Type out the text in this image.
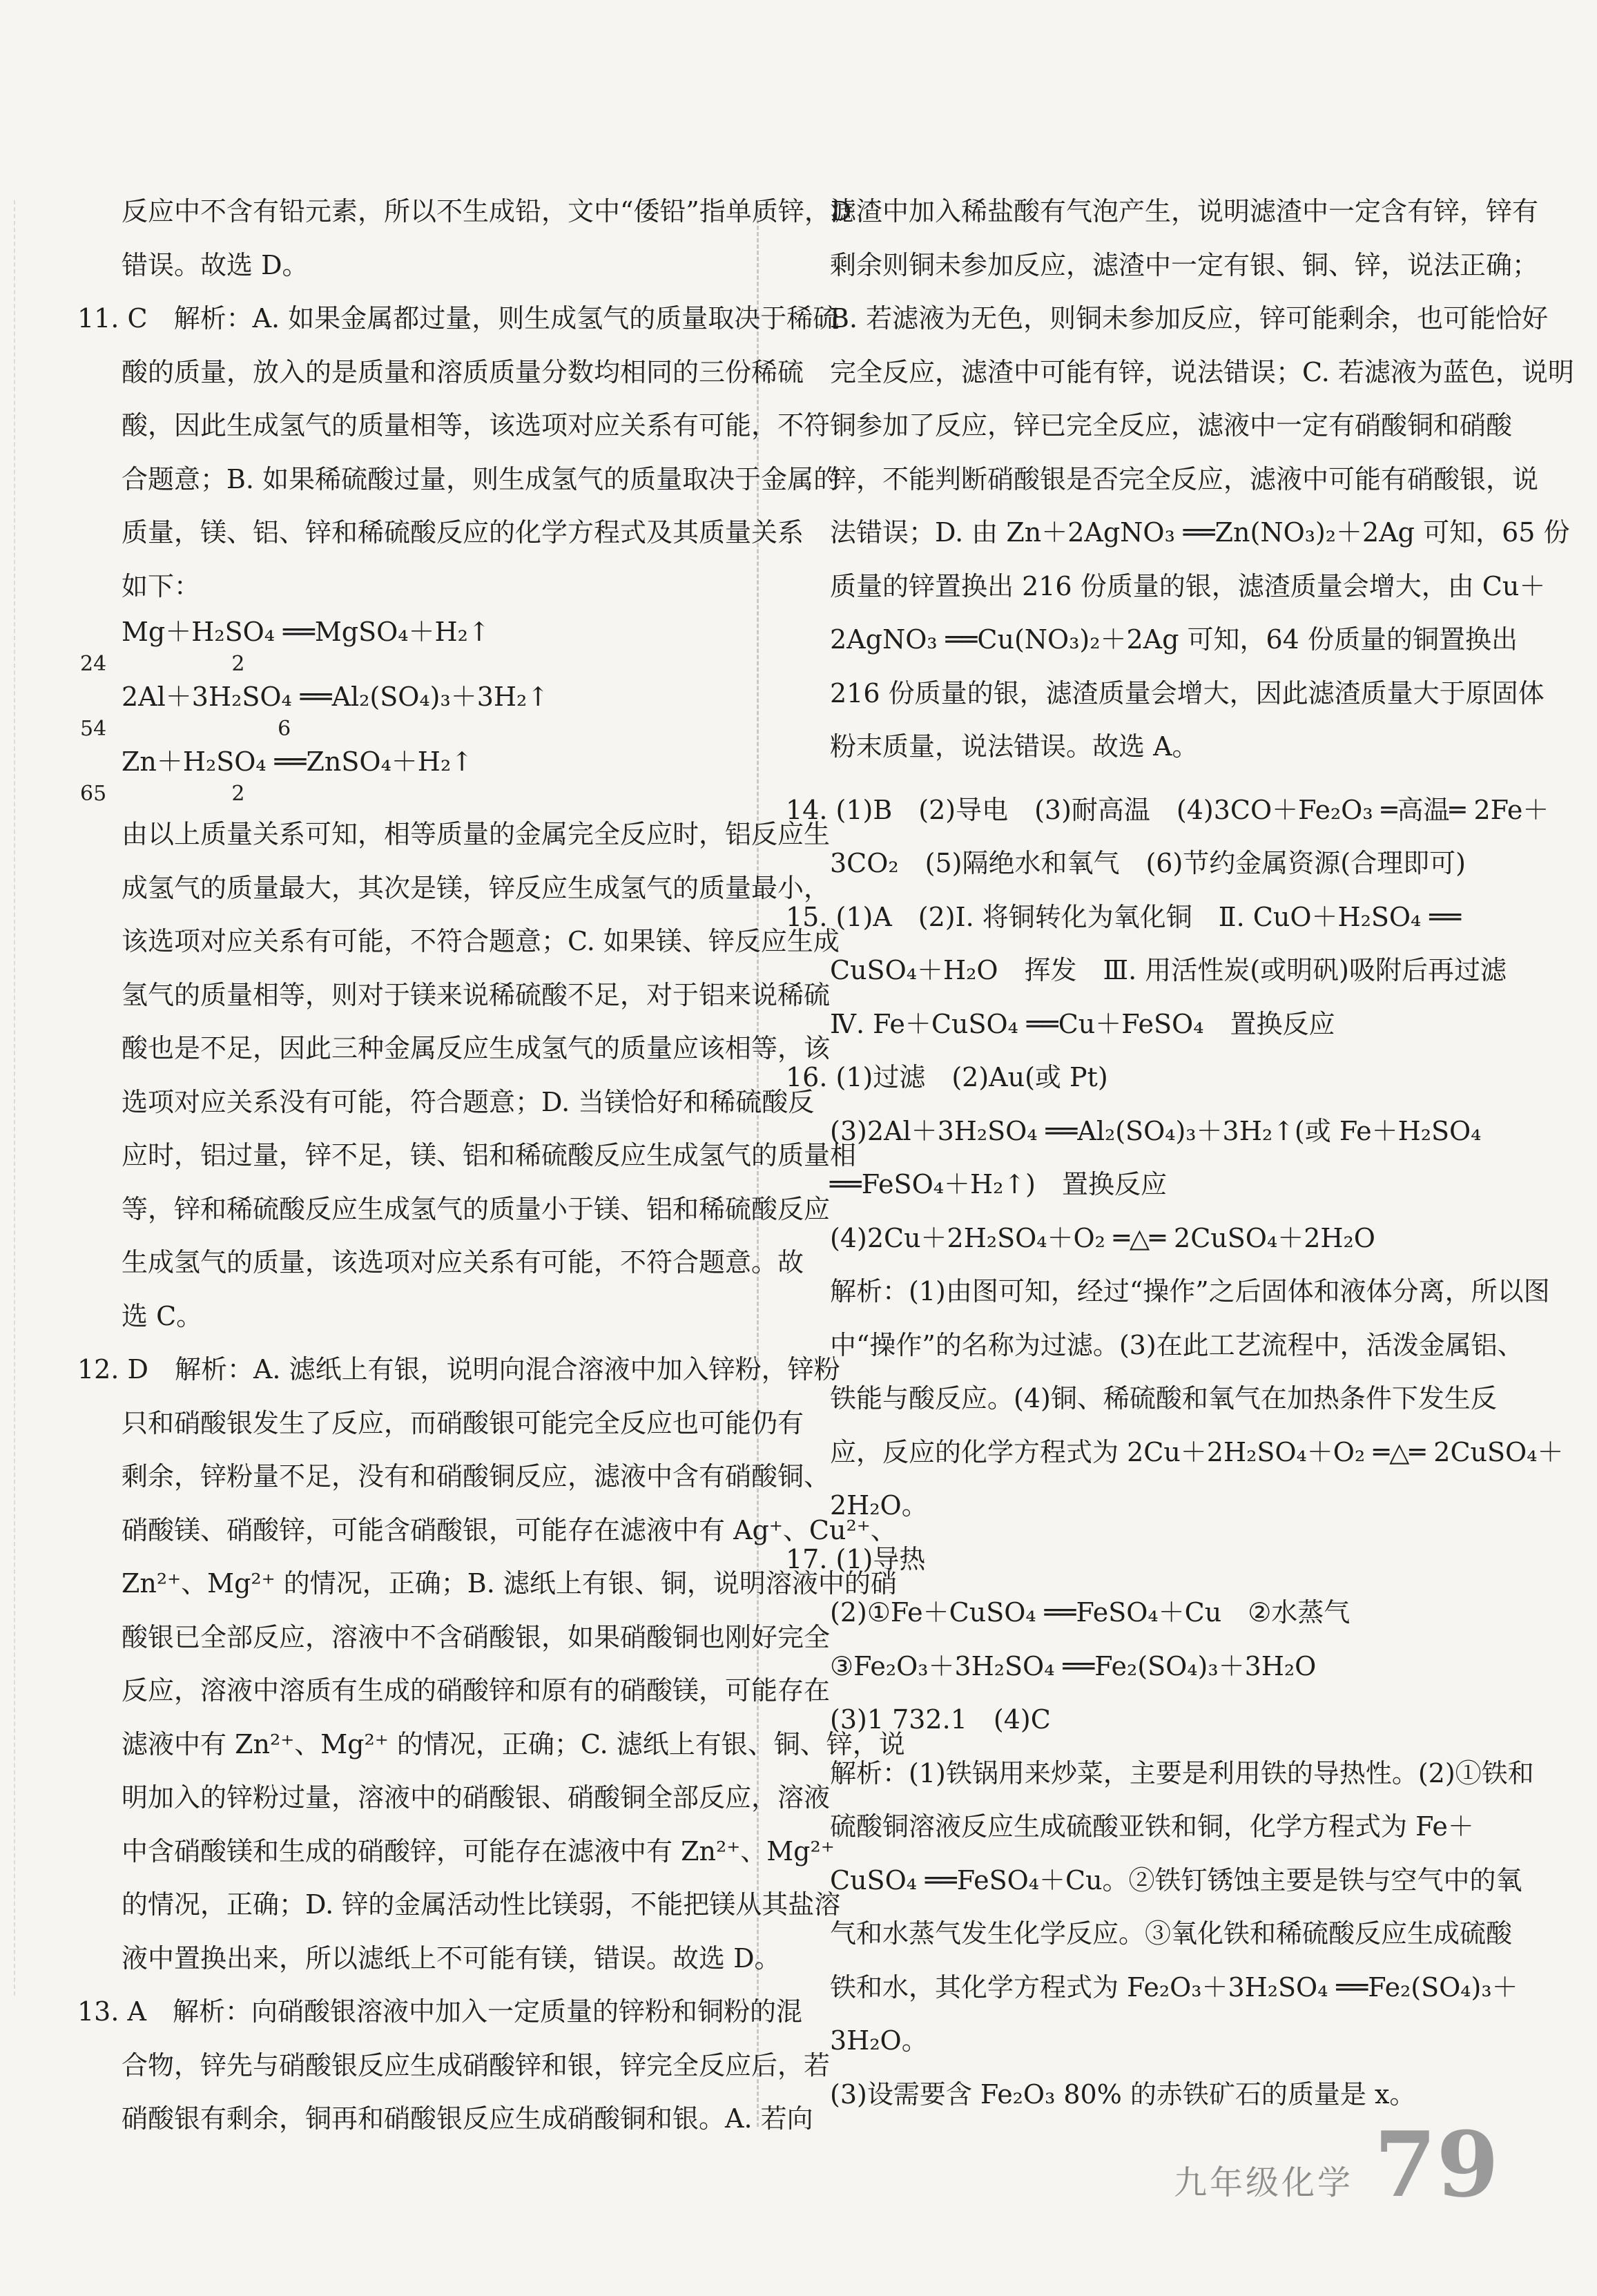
反应中不含有铅元素，所以不生成铅，文中“倭铅”指单质锌，D
错误。故选 D。
11. C　解析：A. 如果金属都过量，则生成氢气的质量取决于稀硫
酸的质量，放入的是质量和溶质质量分数均相同的三份稀硫
酸，因此生成氢气的质量相等，该选项对应关系有可能，不符
合题意；B. 如果稀硫酸过量，则生成氢气的质量取决于金属的
质量，镁、铝、锌和稀硫酸反应的化学方程式及其质量关系
如下：
Mg＋H₂SO₄ ══MgSO₄＋H₂↑
24                   2
2Al＋3H₂SO₄ ══Al₂(SO₄)₃＋3H₂↑
54                          6
Zn＋H₂SO₄ ══ZnSO₄＋H₂↑
65                   2
由以上质量关系可知，相等质量的金属完全反应时，铝反应生
成氢气的质量最大，其次是镁，锌反应生成氢气的质量最小，
该选项对应关系有可能，不符合题意；C. 如果镁、锌反应生成
氢气的质量相等，则对于镁来说稀硫酸不足，对于铝来说稀硫
酸也是不足，因此三种金属反应生成氢气的质量应该相等，该
选项对应关系没有可能，符合题意；D. 当镁恰好和稀硫酸反
应时，铝过量，锌不足，镁、铝和稀硫酸反应生成氢气的质量相
等，锌和稀硫酸反应生成氢气的质量小于镁、铝和稀硫酸反应
生成氢气的质量，该选项对应关系有可能，不符合题意。故
选 C。
12. D　解析：A. 滤纸上有银，说明向混合溶液中加入锌粉，锌粉
只和硝酸银发生了反应，而硝酸银可能完全反应也可能仍有
剩余，锌粉量不足，没有和硝酸铜反应，滤液中含有硝酸铜、
硝酸镁、硝酸锌，可能含硝酸银，可能存在滤液中有 Ag⁺、Cu²⁺、
Zn²⁺、Mg²⁺ 的情况，正确；B. 滤纸上有银、铜，说明溶液中的硝
酸银已全部反应，溶液中不含硝酸银，如果硝酸铜也刚好完全
反应，溶液中溶质有生成的硝酸锌和原有的硝酸镁，可能存在
滤液中有 Zn²⁺、Mg²⁺ 的情况，正确；C. 滤纸上有银、铜、锌，说
明加入的锌粉过量，溶液中的硝酸银、硝酸铜全部反应，溶液
中含硝酸镁和生成的硝酸锌，可能存在滤液中有 Zn²⁺、Mg²⁺
的情况，正确；D. 锌的金属活动性比镁弱，不能把镁从其盐溶
液中置换出来，所以滤纸上不可能有镁，错误。故选 D。
13. A　解析：向硝酸银溶液中加入一定质量的锌粉和铜粉的混
合物，锌先与硝酸银反应生成硝酸锌和银，锌完全反应后，若
硝酸银有剩余，铜再和硝酸银反应生成硝酸铜和银。A. 若向
滤渣中加入稀盐酸有气泡产生，说明滤渣中一定含有锌，锌有
剩余则铜未参加反应，滤渣中一定有银、铜、锌，说法正确；
B. 若滤液为无色，则铜未参加反应，锌可能剩余，也可能恰好
完全反应，滤渣中可能有锌，说法错误；C. 若滤液为蓝色，说明
铜参加了反应，锌已完全反应，滤液中一定有硝酸铜和硝酸
锌，不能判断硝酸银是否完全反应，滤液中可能有硝酸银，说
法错误；D. 由 Zn＋2AgNO₃ ══Zn(NO₃)₂＋2Ag 可知，65 份
质量的锌置换出 216 份质量的银，滤渣质量会增大，由 Cu＋
2AgNO₃ ══Cu(NO₃)₂＋2Ag 可知，64 份质量的铜置换出
216 份质量的银，滤渣质量会增大，因此滤渣质量大于原固体
粉末质量，说法错误。故选 A。
14. (1)B　(2)导电　(3)耐高温　(4)3CO＋Fe₂O₃ ═高温═ 2Fe＋
3CO₂　(5)隔绝水和氧气　(6)节约金属资源(合理即可)
15. (1)A　(2)Ⅰ. 将铜转化为氧化铜　Ⅱ. CuO＋H₂SO₄ ══
CuSO₄＋H₂O　挥发　Ⅲ. 用活性炭(或明矾)吸附后再过滤
Ⅳ. Fe＋CuSO₄ ══Cu＋FeSO₄　置换反应
16. (1)过滤　(2)Au(或 Pt)
(3)2Al＋3H₂SO₄ ══Al₂(SO₄)₃＋3H₂↑(或 Fe＋H₂SO₄
══FeSO₄＋H₂↑)　置换反应
(4)2Cu＋2H₂SO₄＋O₂ ═△═ 2CuSO₄＋2H₂O
解析：(1)由图可知，经过“操作”之后固体和液体分离，所以图
中“操作”的名称为过滤。(3)在此工艺流程中，活泼金属铝、
铁能与酸反应。(4)铜、稀硫酸和氧气在加热条件下发生反
应，反应的化学方程式为 2Cu＋2H₂SO₄＋O₂ ═△═ 2CuSO₄＋
2H₂O。
17. (1)导热
(2)①Fe＋CuSO₄ ══FeSO₄＋Cu　②水蒸气
③Fe₂O₃＋3H₂SO₄ ══Fe₂(SO₄)₃＋3H₂O
(3)1 732.1　(4)C
解析：(1)铁锅用来炒菜，主要是利用铁的导热性。(2)①铁和
硫酸铜溶液反应生成硫酸亚铁和铜，化学方程式为 Fe＋
CuSO₄ ══FeSO₄＋Cu。②铁钉锈蚀主要是铁与空气中的氧
气和水蒸气发生化学反应。③氧化铁和稀硫酸反应生成硫酸
铁和水，其化学方程式为 Fe₂O₃＋3H₂SO₄ ══Fe₂(SO₄)₃＋
3H₂O。
(3)设需要含 Fe₂O₃ 80% 的赤铁矿石的质量是 x。
九年级化学 79
